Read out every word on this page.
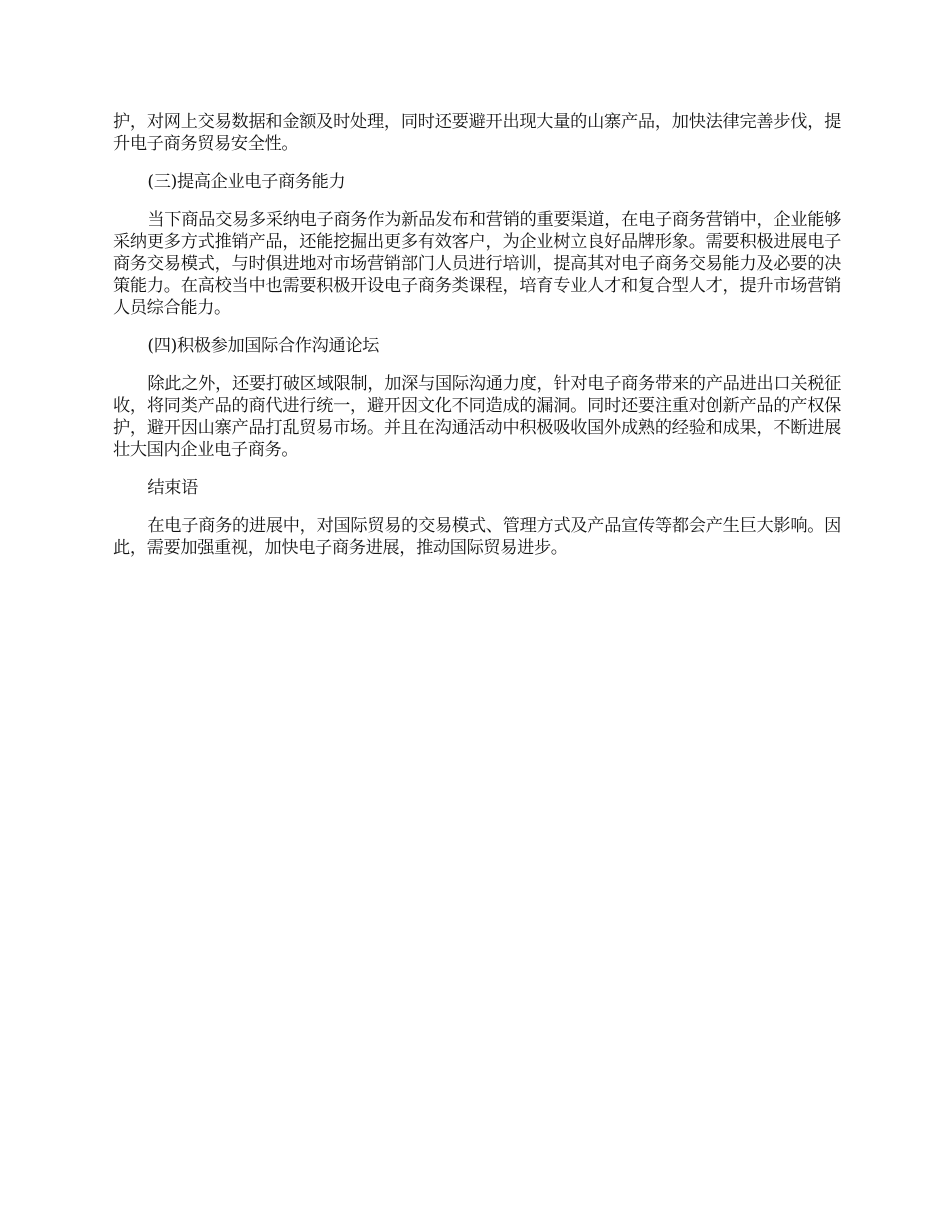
护，对网上交易数据和金额及时处理，同时还要避开出现大量的山寨产品，加快法律完善步伐，提升电子商务贸易安全性。

(三)提高企业电子商务能力

当下商品交易多采纳电子商务作为新品发布和营销的重要渠道，在电子商务营销中，企业能够采纳更多方式推销产品，还能挖掘出更多有效客户，为企业树立良好品牌形象。需要积极进展电子商务交易模式，与时俱进地对市场营销部门人员进行培训，提高其对电子商务交易能力及必要的决策能力。在高校当中也需要积极开设电子商务类课程，培育专业人才和复合型人才，提升市场营销人员综合能力。

(四)积极参加国际合作沟通论坛

除此之外，还要打破区域限制，加深与国际沟通力度，针对电子商务带来的产品进出口关税征收，将同类产品的商代进行统一，避开因文化不同造成的漏洞。同时还要注重对创新产品的产权保护，避开因山寨产品打乱贸易市场。并且在沟通活动中积极吸收国外成熟的经验和成果，不断进展壮大国内企业电子商务。

结束语

在电子商务的进展中，对国际贸易的交易模式、管理方式及产品宣传等都会产生巨大影响。因此，需要加强重视，加快电子商务进展，推动国际贸易进步。
